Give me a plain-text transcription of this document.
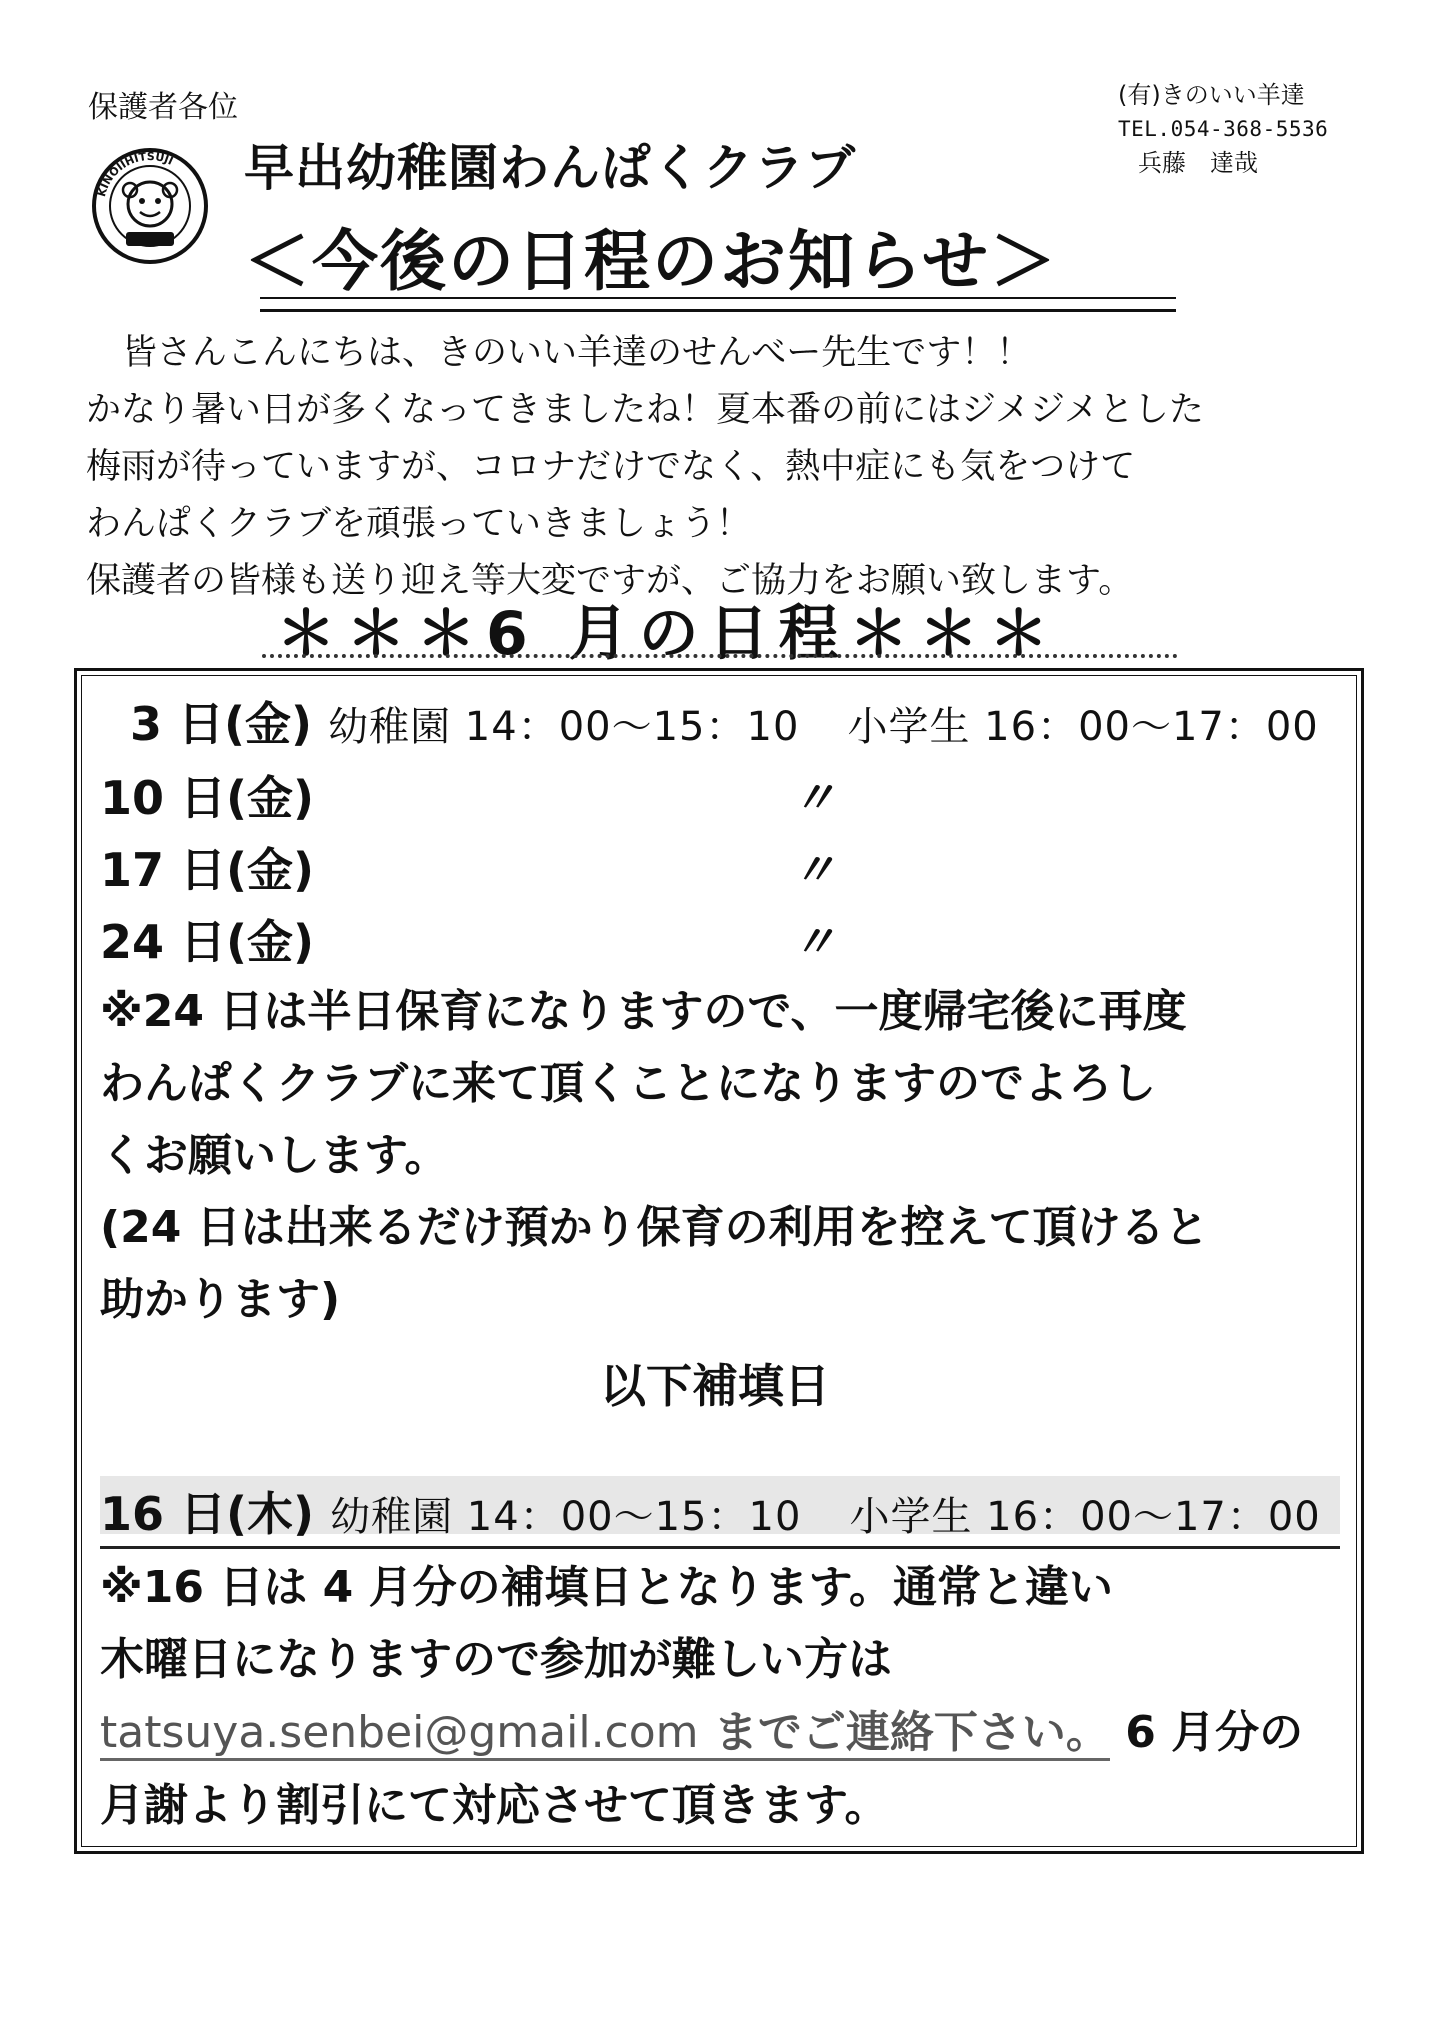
保護者各位
KINOIIHITSUJI
(有)きのいい羊達
TEL.054-368-5536
兵藤　達哉
早出幼稚園わんぱくクラブ
＜今後の日程のお知らせ＞
皆さんこんにちは、きのいい羊達のせんべー先生です！！
かなり暑い日が多くなってきましたね！夏本番の前にはジメジメとした
梅雨が待っていますが、コロナだけでなく、熱中症にも気をつけて
わんぱくクラブを頑張っていきましょう！
保護者の皆様も送り迎え等大変ですが、ご協力をお願い致します。
＊＊＊6 月の日程＊＊＊
3 日(金) 幼稚園 14：00〜15：10 小学生 16：00〜17：00
10 日(金)	〃
17 日(金)	〃
24 日(金)	〃
※24 日は半日保育になりますので、一度帰宅後に再度
わんぱくクラブに来て頂くことになりますのでよろし
くお願いします。
(24 日は出来るだけ預かり保育の利用を控えて頂けると
助かります)
以下補填日
16 日(木) 幼稚園 14：00〜15：10 小学生 16：00〜17：00
※16 日は 4 月分の補填日となります。通常と違い
木曜日になりますので参加が難しい方は
tatsuya.senbei@gmail.com までご連絡下さい。 6 月分の
月謝より割引にて対応させて頂きます。
